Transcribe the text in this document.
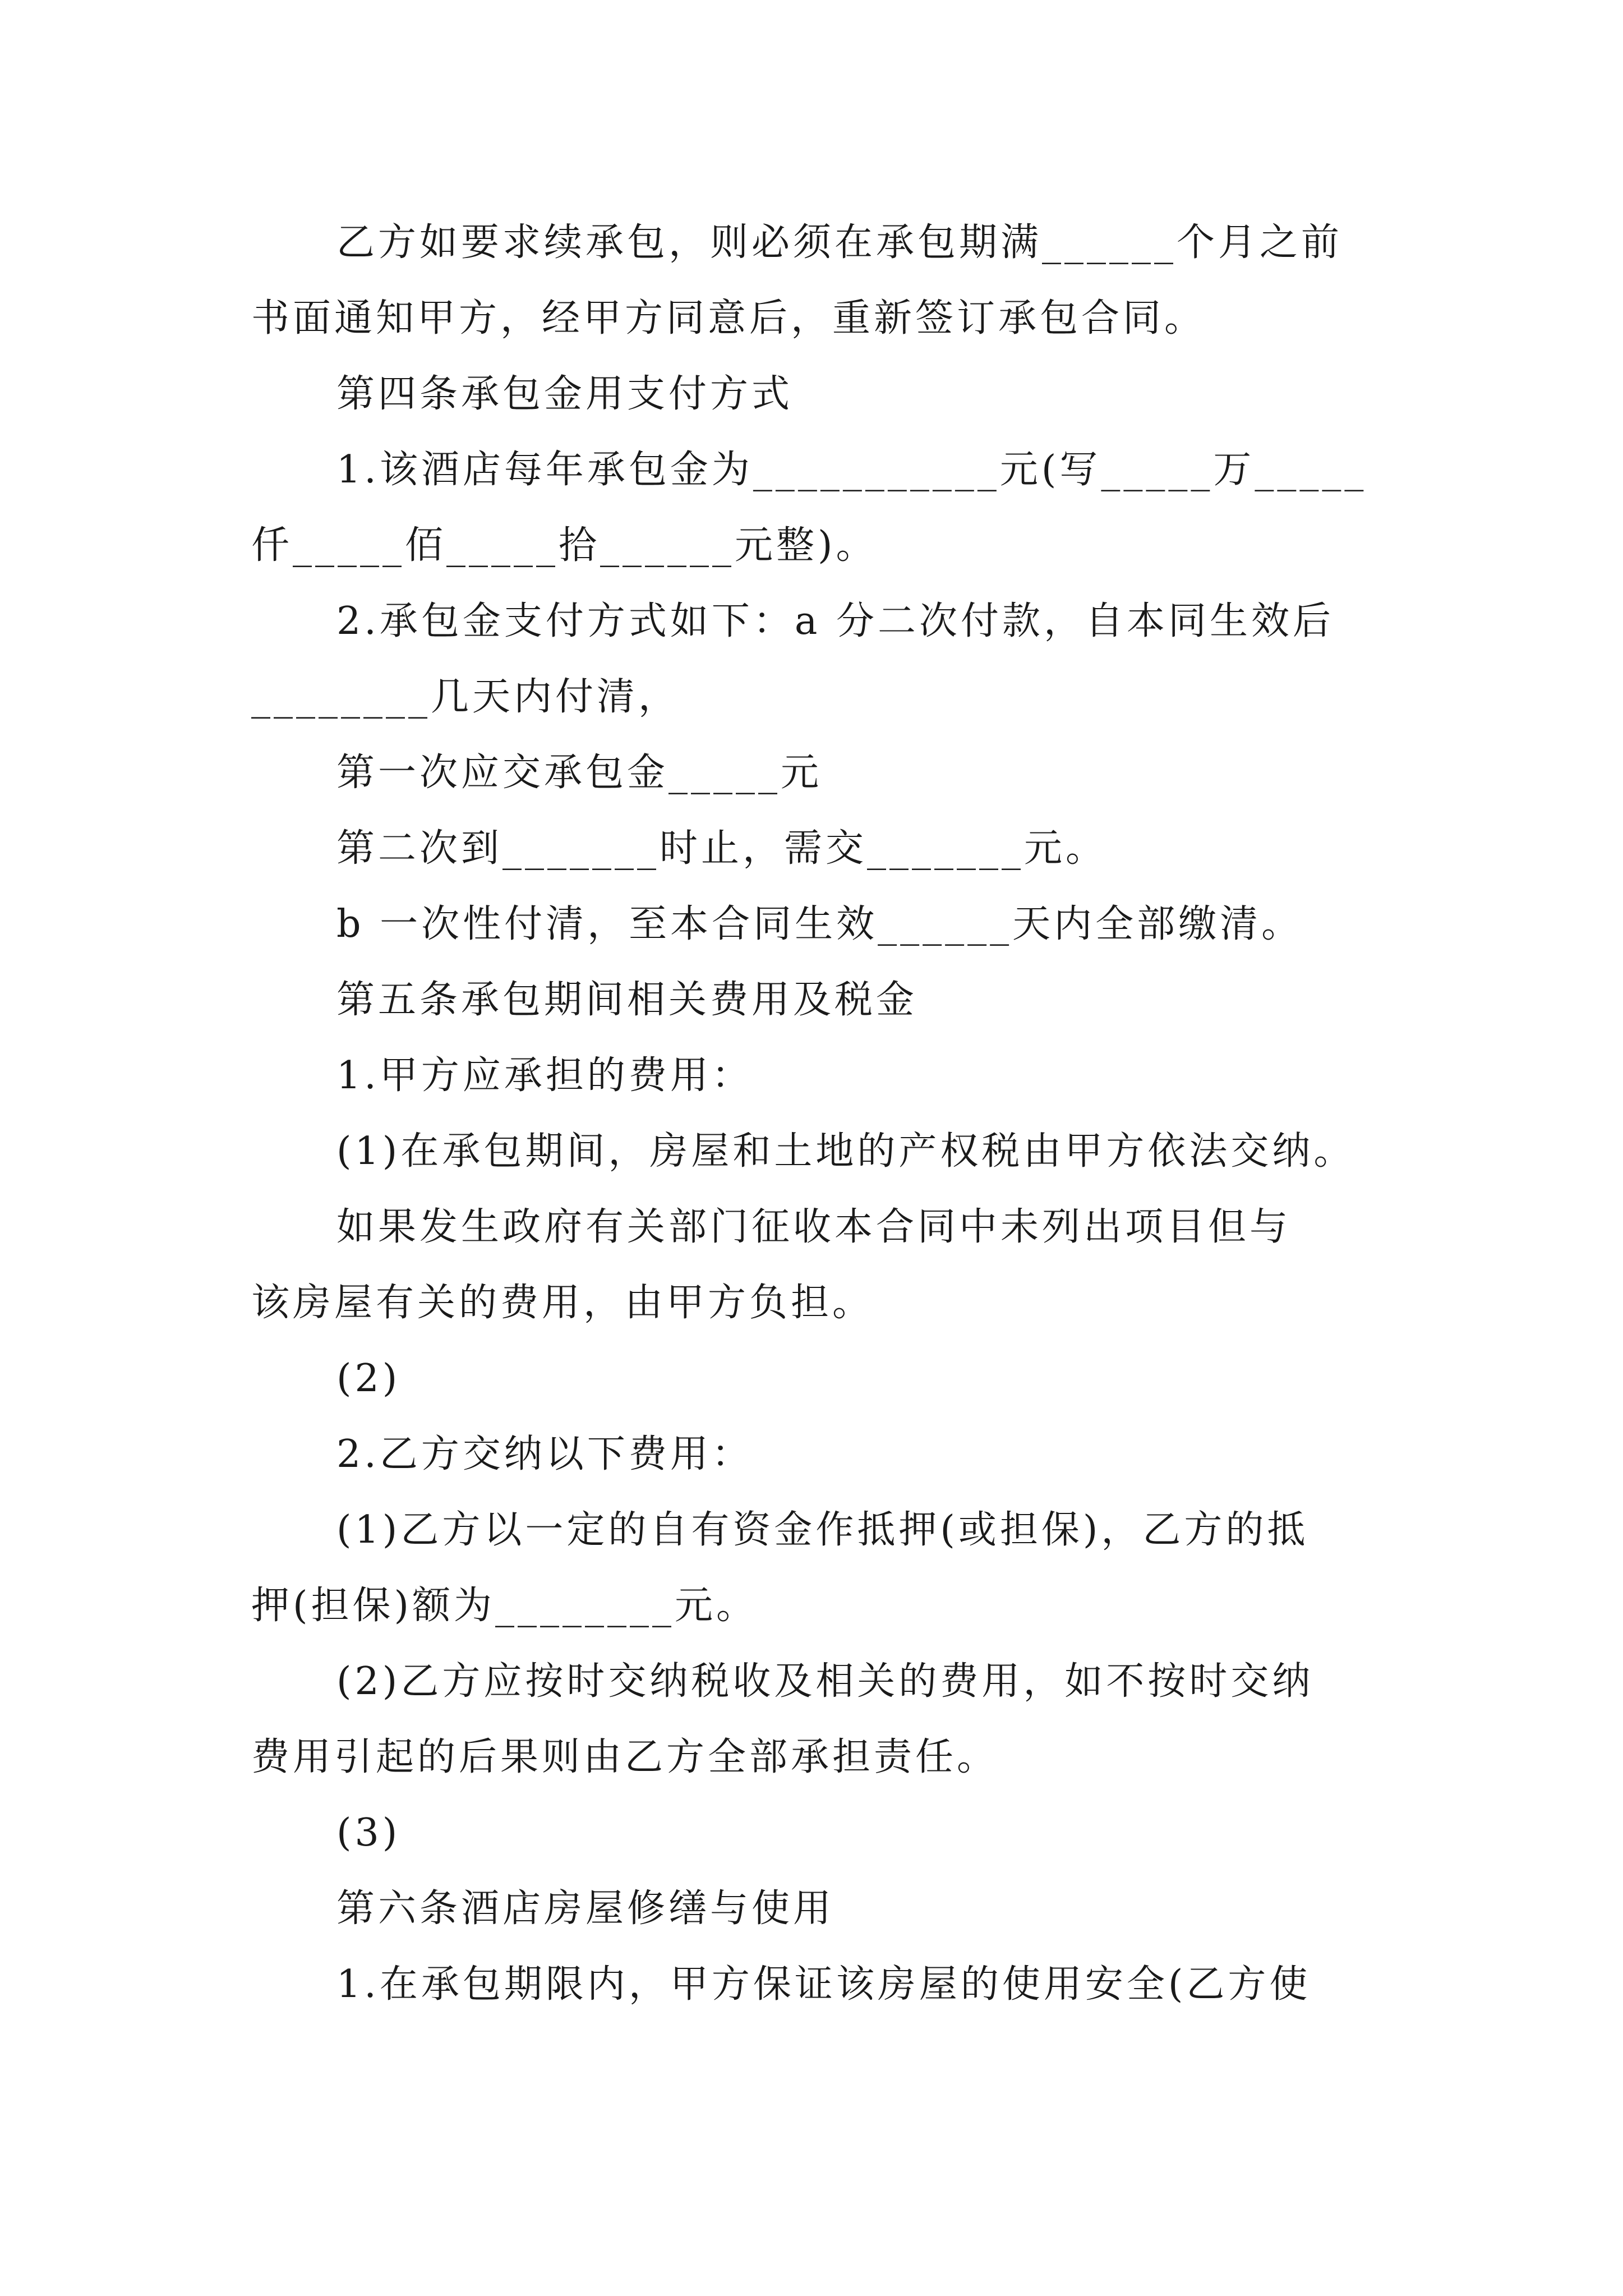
乙方如要求续承包，则必须在承包期满______个月之前
书面通知甲方，经甲方同意后，重新签订承包合同。
第四条承包金用支付方式
1.该酒店每年承包金为___________元(写_____万_____
仟_____佰_____拾______元整)。
2.承包金支付方式如下：a 分二次付款，自本同生效后
________几天内付清，
第一次应交承包金_____元
第二次到_______时止，需交_______元。
b 一次性付清，至本合同生效______天内全部缴清。
第五条承包期间相关费用及税金
1.甲方应承担的费用：
(1)在承包期间，房屋和土地的产权税由甲方依法交纳。
如果发生政府有关部门征收本合同中未列出项目但与
该房屋有关的费用，由甲方负担。
(2)
2.乙方交纳以下费用：
(1)乙方以一定的自有资金作抵押(或担保)，乙方的抵
押(担保)额为________元。
(2)乙方应按时交纳税收及相关的费用，如不按时交纳
费用引起的后果则由乙方全部承担责任。
(3)
第六条酒店房屋修缮与使用
1.在承包期限内，甲方保证该房屋的使用安全(乙方使
